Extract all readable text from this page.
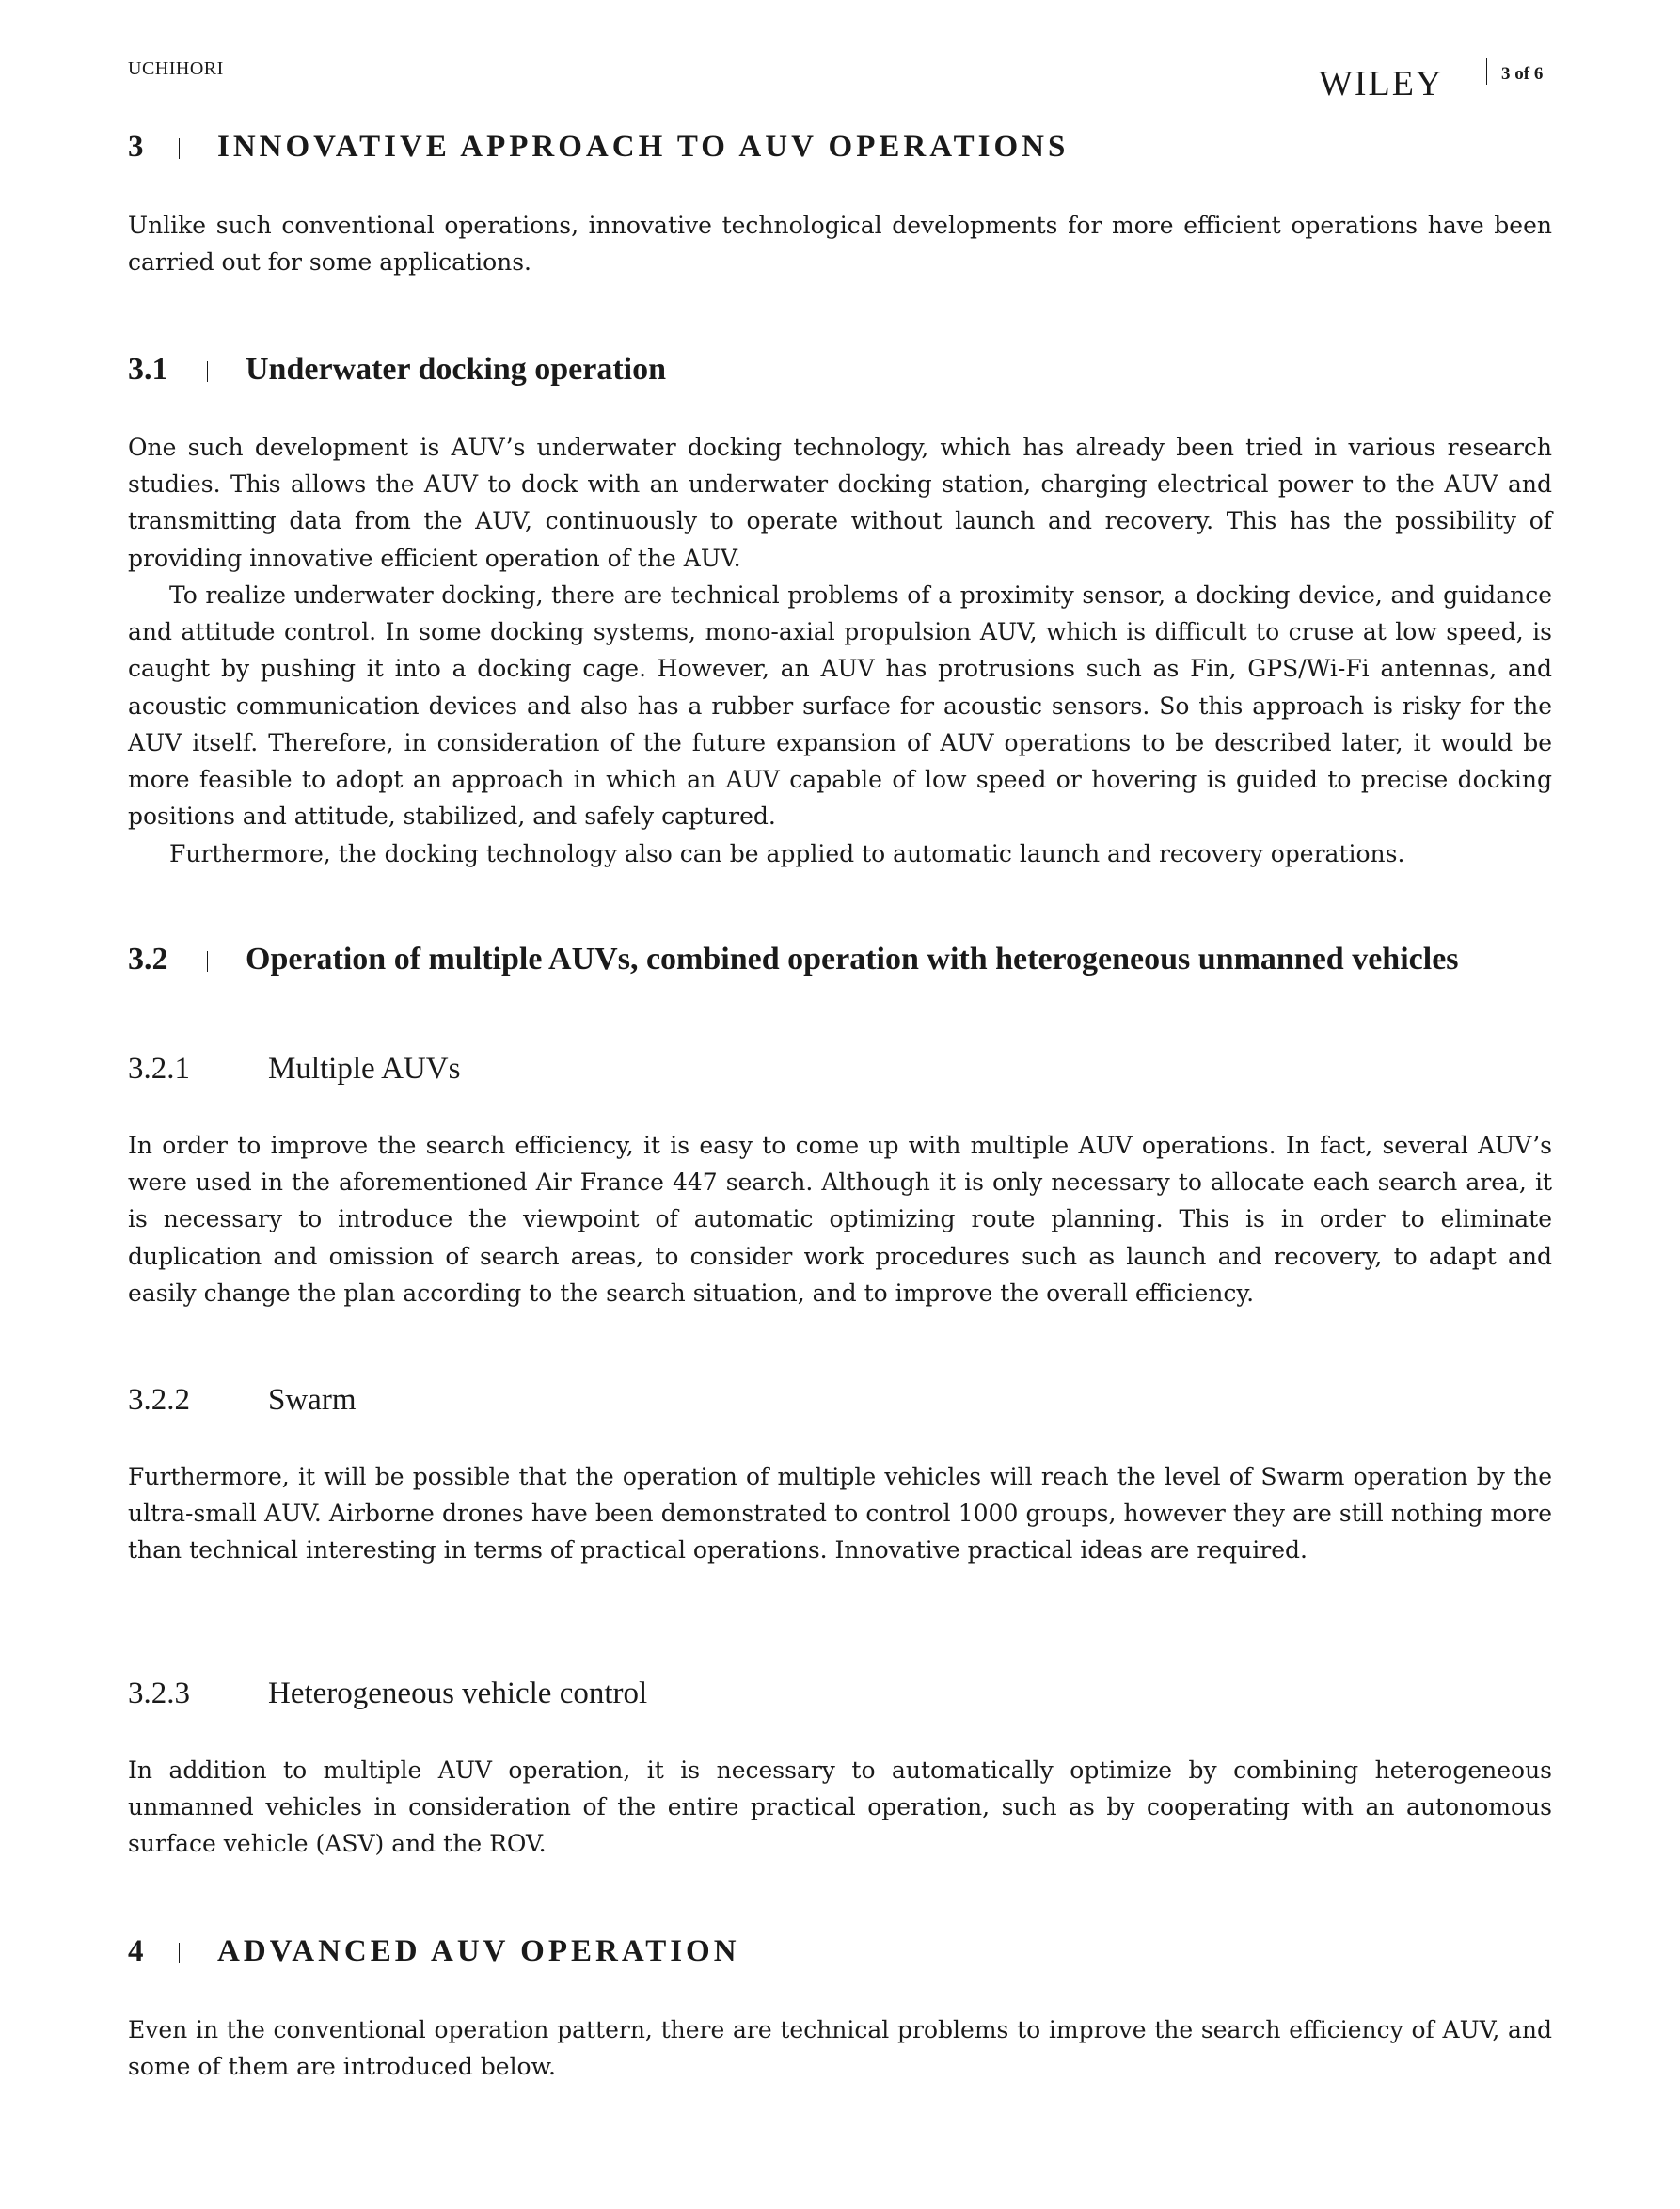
UCHIHORI	WILEY	3 of 6
3 INNOVATIVE APPROACH TO AUV OPERATIONS

Unlike such conventional operations, innovative technological developments for more efficient operations have been carried out for some applications.

3.1 Underwater docking operation

One such development is AUV’s underwater docking technology, which has already been tried in various research studies. This allows the AUV to dock with an underwater docking station, charging electrical power to the AUV and transmitting data from the AUV, continuously to operate without launch and recovery. This has the possibility of providing innovative efficient operation of the AUV.

To realize underwater docking, there are technical problems of a proximity sensor, a docking device, and guidance and attitude control. In some docking systems, mono-axial propulsion AUV, which is difficult to cruse at low speed, is caught by pushing it into a docking cage. However, an AUV has protrusions such as Fin, GPS/Wi-Fi antennas, and acoustic communication devices and also has a rubber surface for acoustic sensors. So this approach is risky for the AUV itself. Therefore, in consideration of the future expansion of AUV operations to be described later, it would be more feasible to adopt an approach in which an AUV capable of low speed or hovering is guided to precise docking positions and attitude, stabilized, and safely captured.

Furthermore, the docking technology also can be applied to automatic launch and recovery operations.

3.2 Operation of multiple AUVs, combined operation with heterogeneous unmanned vehicles
3.2.1	Multiple AUVs

In order to improve the search efficiency, it is easy to come up with multiple AUV operations. In fact, several AUV’s were used in the aforementioned Air France 447 search. Although it is only necessary to allocate each search area, it is necessary to introduce the viewpoint of automatic optimizing route planning. This is in order to eliminate duplication and omission of search areas, to consider work procedures such as launch and recovery, to adapt and easily change the plan according to the search situation, and to improve the overall efficiency.

3.2.2	Swarm

Furthermore, it will be possible that the operation of multiple vehicles will reach the level of Swarm operation by the ultra-small AUV. Airborne drones have been demonstrated to control 1000 groups, however they are still nothing more than technical interesting in terms of practical operations. Innovative practical ideas are required.

3.2.3	Heterogeneous vehicle control

In addition to multiple AUV operation, it is necessary to automatically optimize by combining heterogeneous unmanned vehicles in consideration of the entire practical operation, such as by cooperating with an autonomous surface vehicle (ASV) and the ROV.

4 ADVANCED AUV OPERATION

Even in the conventional operation pattern, there are technical problems to improve the search efficiency of AUV, and some of them are introduced below.
